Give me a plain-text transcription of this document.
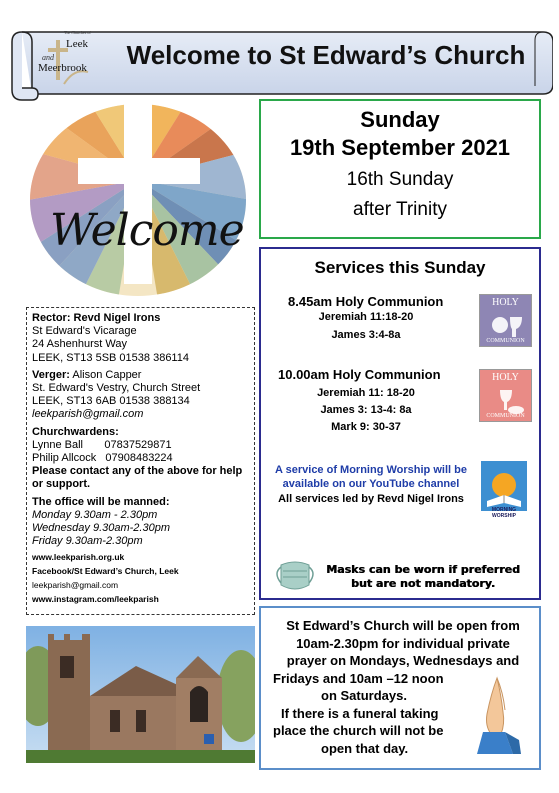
The Churches of
Leek
and
Meerbrook	Welcome to St Edward’s Church
Welcome
Sunday
19th September 2021
16th Sunday
after Trinity
Services this Sunday
8.45am Holy Communion
Jeremiah 11:18-20
James 3:4-8a
HOLY
COMMUNION
10.00am Holy Communion
Jeremiah 11: 18-20
James 3: 13-4: 8a
Mark 9: 30-37
HOLY
COMMUNION
A service of Morning Worship will be available on our YouTube channel
All services led by Revd Nigel Irons
MORNING WORSHIP
Masks can be worn if preferred but are not mandatory.
St Edward’s Church will be open from
10am-2.30pm for individual private
prayer on Mondays, Wednesdays and
Fridays and 10am –12 noon
on Saturdays.
If there is a funeral taking
place the church will not be
open that day.
Rector: Revd Nigel Irons
St Edward's Vicarage
24 Ashenhurst Way
LEEK, ST13 5SB 01538 386114
Verger: Alison Capper
St. Edward's Vestry, Church Street
LEEK, ST13 6AB 01538 388134
leekparish@gmail.com
Churchwardens:
Lynne Ball       07837529871
Philip Allcock   07908483224
Please contact any of the above for help or support.
The office will be manned:
Monday 9.30am - 2.30pm
Wednesday 9.30am-2.30pm
Friday 9.30am-2.30pm
www.leekparish.org.uk
Facebook/St Edward’s Church, Leek
leekparish@gmail.com
www.instagram.com/leekparish
